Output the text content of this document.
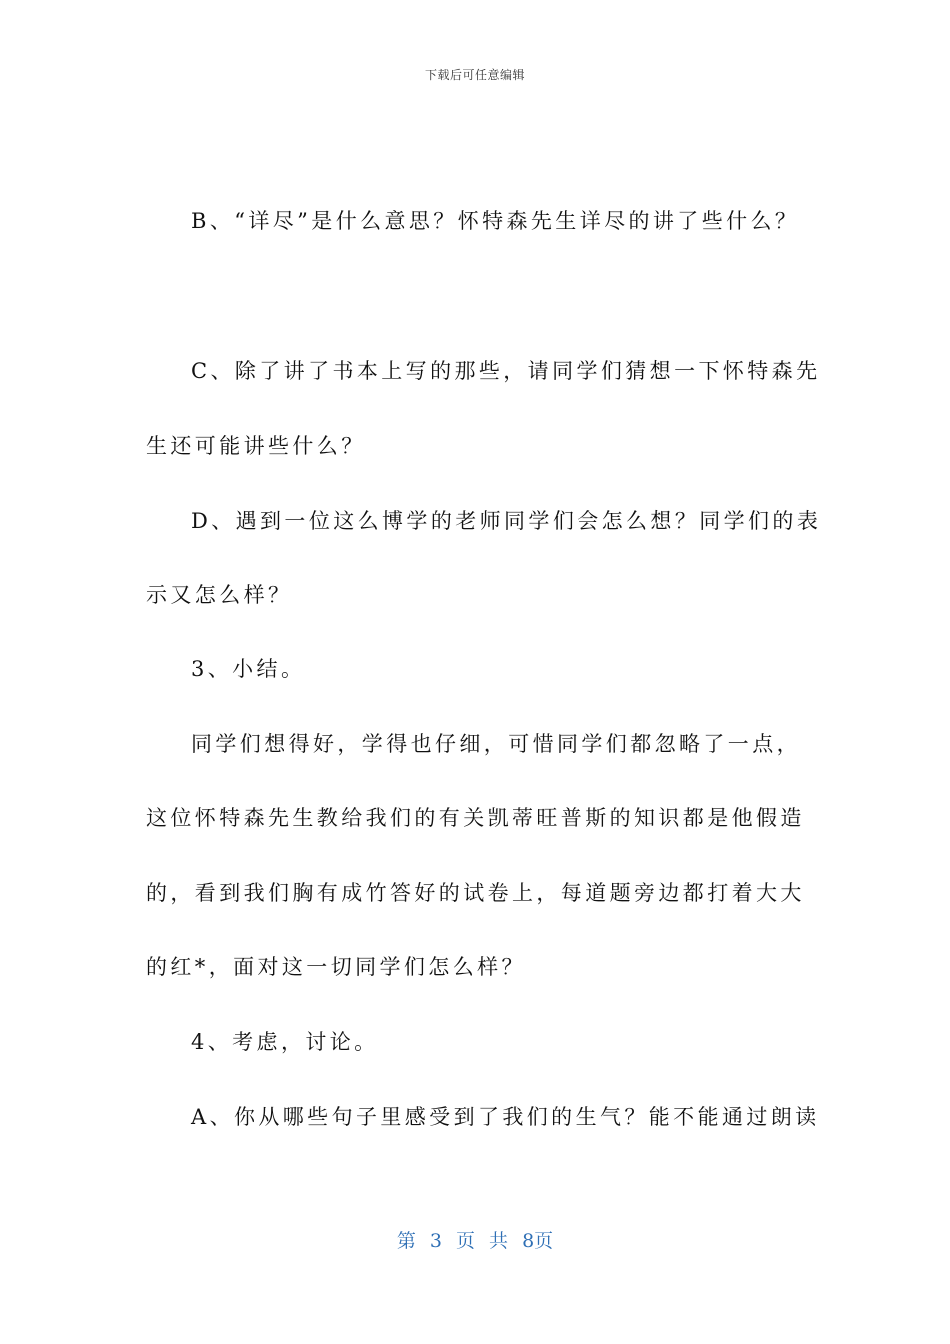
下载后可任意编辑
B、“详尽”是什么意思？怀特森先生详尽的讲了些什么？
C、除了讲了书本上写的那些，请同学们猜想一下怀特森先
生还可能讲些什么？
D、遇到一位这么博学的老师同学们会怎么想？同学们的表
示又怎么样？
3、小结。
同学们想得好，学得也仔细，可惜同学们都忽略了一点，
这位怀特森先生教给我们的有关凯蒂旺普斯的知识都是他假造
的，看到我们胸有成竹答好的试卷上，每道题旁边都打着大大
的红*，面对这一切同学们怎么样？
4、考虑，讨论。
A、你从哪些句子里感受到了我们的生气？能不能通过朗读
第 3 页 共 8页
